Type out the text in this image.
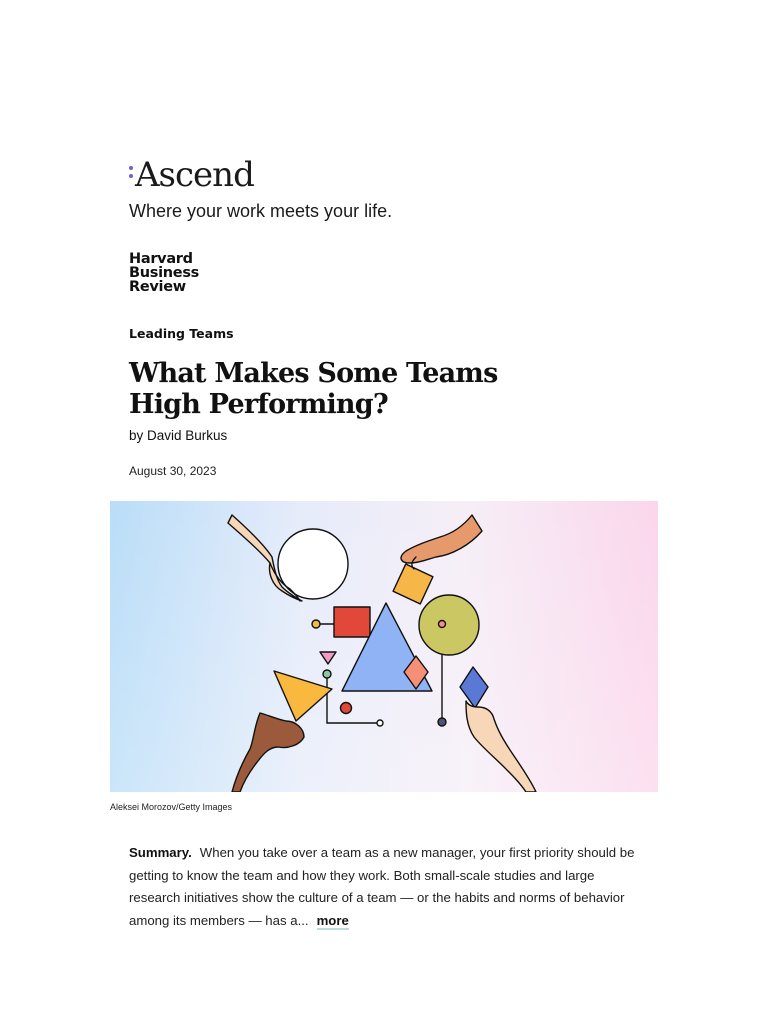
Ascend
Where your work meets your life.
Harvard
Business
Review
Leading Teams
What Makes Some Teams
High Performing?
by David Burkus
August 30, 2023
Aleksei Morozov/Getty Images

Summary. When you take over a team as a new manager, your first priority should be getting to know the team and how they work. Both small-scale studies and large research initiatives show the culture of a team — or the habits and norms of behavior among its members — has a... more
